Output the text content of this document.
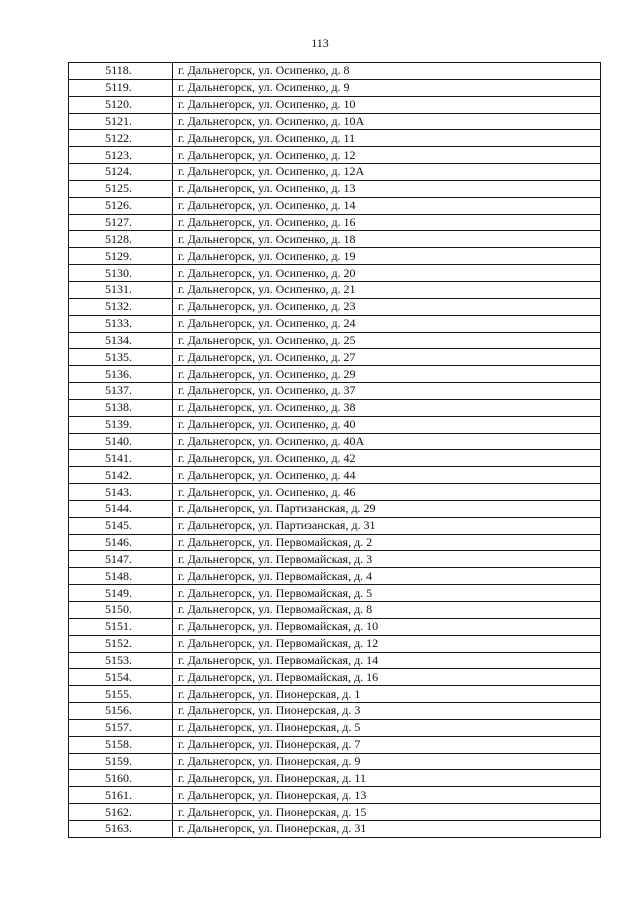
113
5118.	г. Дальнегорск, ул. Осипенко, д. 8
5119.	г. Дальнегорск, ул. Осипенко, д. 9
5120.	г. Дальнегорск, ул. Осипенко, д. 10
5121.	г. Дальнегорск, ул. Осипенко, д. 10А
5122.	г. Дальнегорск, ул. Осипенко, д. 11
5123.	г. Дальнегорск, ул. Осипенко, д. 12
5124.	г. Дальнегорск, ул. Осипенко, д. 12А
5125.	г. Дальнегорск, ул. Осипенко, д. 13
5126.	г. Дальнегорск, ул. Осипенко, д. 14
5127.	г. Дальнегорск, ул. Осипенко, д. 16
5128.	г. Дальнегорск, ул. Осипенко, д. 18
5129.	г. Дальнегорск, ул. Осипенко, д. 19
5130.	г. Дальнегорск, ул. Осипенко, д. 20
5131.	г. Дальнегорск, ул. Осипенко, д. 21
5132.	г. Дальнегорск, ул. Осипенко, д. 23
5133.	г. Дальнегорск, ул. Осипенко, д. 24
5134.	г. Дальнегорск, ул. Осипенко, д. 25
5135.	г. Дальнегорск, ул. Осипенко, д. 27
5136.	г. Дальнегорск, ул. Осипенко, д. 29
5137.	г. Дальнегорск, ул. Осипенко, д. 37
5138.	г. Дальнегорск, ул. Осипенко, д. 38
5139.	г. Дальнегорск, ул. Осипенко, д. 40
5140.	г. Дальнегорск, ул. Осипенко, д. 40А
5141.	г. Дальнегорск, ул. Осипенко, д. 42
5142.	г. Дальнегорск, ул. Осипенко, д. 44
5143.	г. Дальнегорск, ул. Осипенко, д. 46
5144.	г. Дальнегорск, ул. Партизанская, д. 29
5145.	г. Дальнегорск, ул. Партизанская, д. 31
5146.	г. Дальнегорск, ул. Первомайская, д. 2
5147.	г. Дальнегорск, ул. Первомайская, д. 3
5148.	г. Дальнегорск, ул. Первомайская, д. 4
5149.	г. Дальнегорск, ул. Первомайская, д. 5
5150.	г. Дальнегорск, ул. Первомайская, д. 8
5151.	г. Дальнегорск, ул. Первомайская, д. 10
5152.	г. Дальнегорск, ул. Первомайская, д. 12
5153.	г. Дальнегорск, ул. Первомайская, д. 14
5154.	г. Дальнегорск, ул. Первомайская, д. 16
5155.	г. Дальнегорск, ул. Пионерская, д. 1
5156.	г. Дальнегорск, ул. Пионерская, д. 3
5157.	г. Дальнегорск, ул. Пионерская, д. 5
5158.	г. Дальнегорск, ул. Пионерская, д. 7
5159.	г. Дальнегорск, ул. Пионерская, д. 9
5160.	г. Дальнегорск, ул. Пионерская, д. 11
5161.	г. Дальнегорск, ул. Пионерская, д. 13
5162.	г. Дальнегорск, ул. Пионерская, д. 15
5163.	г. Дальнегорск, ул. Пионерская, д. 31
